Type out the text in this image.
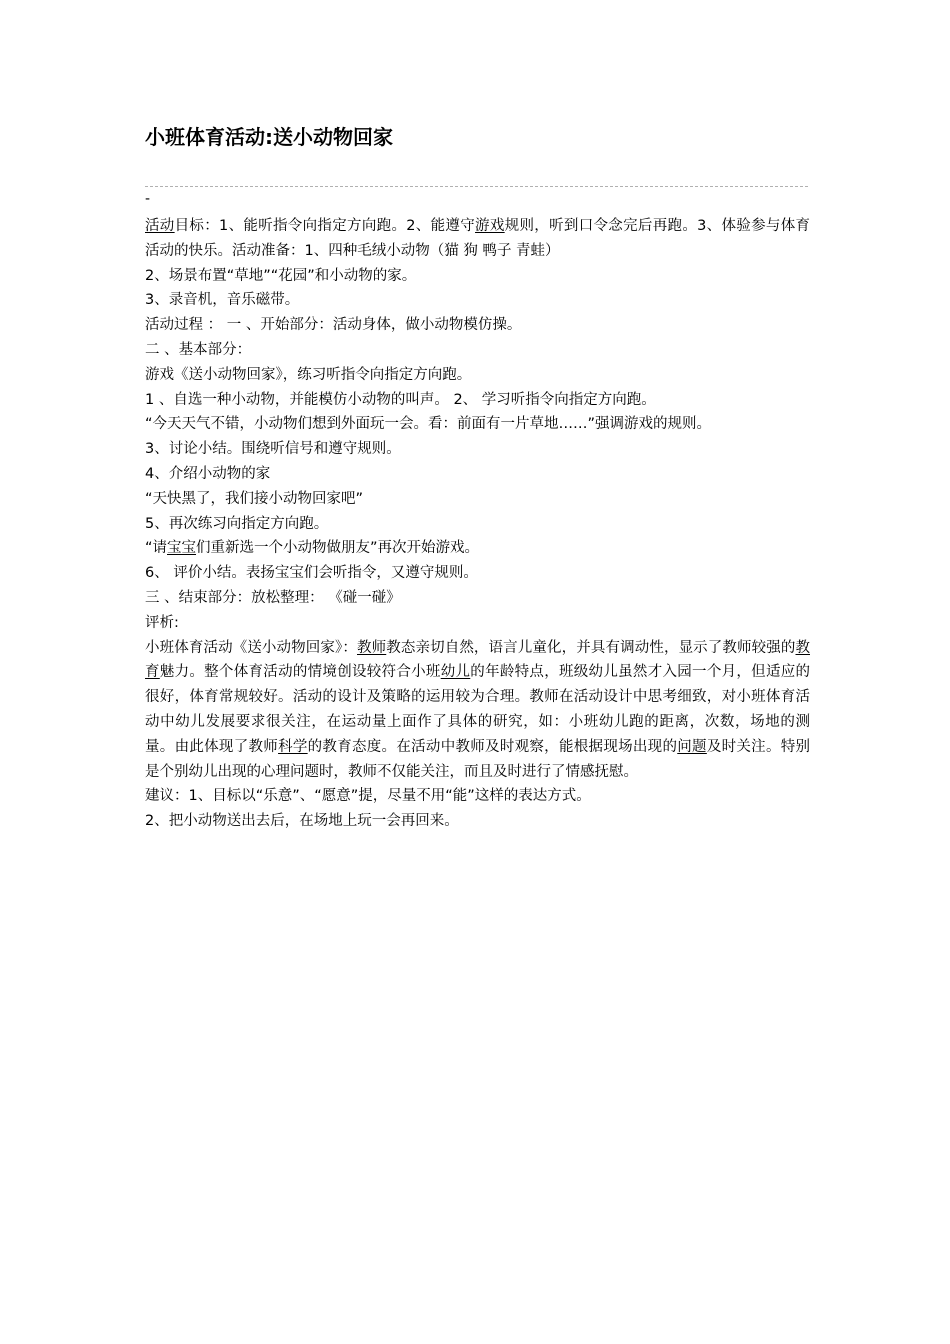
小班体育活动:送小动物回家
-

活动目标：1、能听指令向指定方向跑。2、能遵守游戏规则，听到口令念完后再跑。3、体验参与体育活动的快乐。活动准备：1、四种毛绒小动物（猫 狗 鸭子 青蛙）

2、场景布置“草地”“花园”和小动物的家。

3、录音机，音乐磁带。

活动过程 ： 一 、开始部分：活动身体，做小动物模仿操。

二 、基本部分：

游戏《送小动物回家》，练习听指令向指定方向跑。

1 、自选一种小动物，并能模仿小动物的叫声。 2、 学习听指令向指定方向跑。

“今天天气不错，小动物们想到外面玩一会。看：前面有一片草地……”强调游戏的规则。

3、讨论小结。围绕听信号和遵守规则。

4、介绍小动物的家

“天快黑了，我们接小动物回家吧”

5、再次练习向指定方向跑。

“请宝宝们重新选一个小动物做朋友”再次开始游戏。

6、 评价小结。表扬宝宝们会听指令，又遵守规则。

三 、结束部分：放松整理： 《碰一碰》

评析:

小班体育活动《送小动物回家》：教师教态亲切自然，语言儿童化，并具有调动性，显示了教师较强的教育魅力。整个体育活动的情境创设较符合小班幼儿的年龄特点，班级幼儿虽然才入园一个月，但适应的很好，体育常规较好。活动的设计及策略的运用较为合理。教师在活动设计中思考细致，对小班体育活动中幼儿发展要求很关注，在运动量上面作了具体的研究，如：小班幼儿跑的距离，次数，场地的测量。由此体现了教师科学的教育态度。在活动中教师及时观察，能根据现场出现的问题及时关注。特别是个别幼儿出现的心理问题时，教师不仅能关注，而且及时进行了情感抚慰。

建议：1、目标以“乐意”、“愿意”提，尽量不用“能”这样的表达方式。

2、把小动物送出去后，在场地上玩一会再回来。
